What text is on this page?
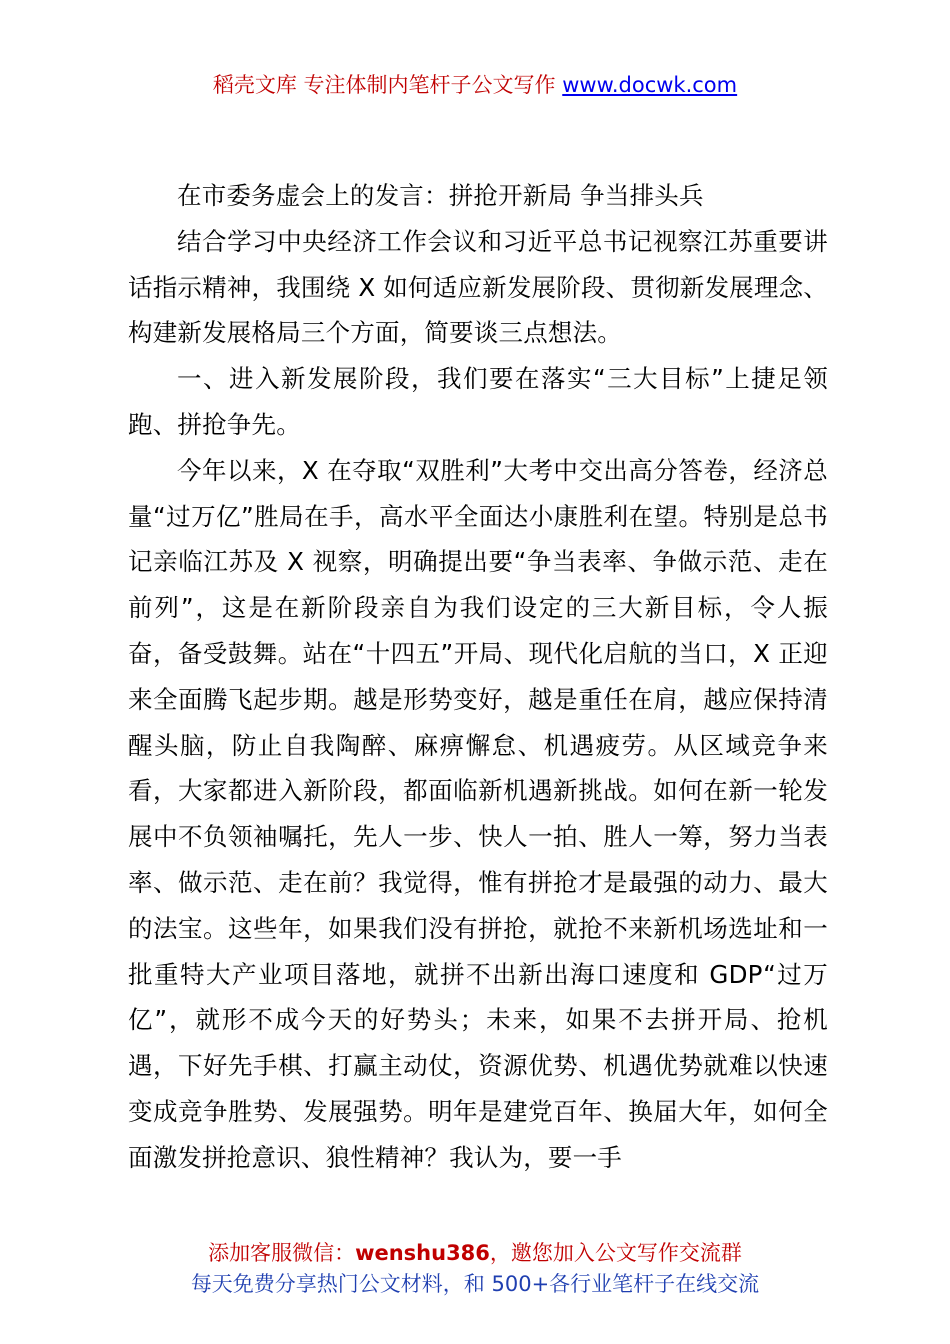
稻壳文库 专注体制内笔杆子公文写作 www.docwk.com

在市委务虚会上的发言：拼抢开新局 争当排头兵

结合学习中央经济工作会议和习近平总书记视察江苏重要讲话指示精神，我围绕 X 如何适应新发展阶段、贯彻新发展理念、构建新发展格局三个方面，简要谈三点想法。

一、进入新发展阶段，我们要在落实“三大目标”上捷足领跑、拼抢争先。

今年以来，X 在夺取“双胜利”大考中交出高分答卷，经济总量“过万亿”胜局在手，高水平全面达小康胜利在望。特别是总书记亲临江苏及 X 视察，明确提出要“争当表率、争做示范、走在前列”，这是在新阶段亲自为我们设定的三大新目标，令人振奋，备受鼓舞。站在“十四五”开局、现代化启航的当口，X 正迎来全面腾飞起步期。越是形势变好，越是重任在肩，越应保持清醒头脑，防止自我陶醉、麻痹懈怠、机遇疲劳。从区域竞争来看，大家都进入新阶段，都面临新机遇新挑战。如何在新一轮发展中不负领袖嘱托，先人一步、快人一拍、胜人一筹，努力当表率、做示范、走在前？我觉得，惟有拼抢才是最强的动力、最大的法宝。这些年，如果我们没有拼抢，就抢不来新机场选址和一批重特大产业项目落地，就拼不出新出海口速度和 GDP“过万亿”，就形不成今天的好势头；未来，如果不去拼开局、抢机遇，下好先手棋、打赢主动仗，资源优势、机遇优势就难以快速变成竞争胜势、发展强势。明年是建党百年、换届大年，如何全面激发拼抢意识、狼性精神？我认为，要一手

添加客服微信：wenshu386，邀您加入公文写作交流群
每天免费分享热门公文材料，和 500+各行业笔杆子在线交流
